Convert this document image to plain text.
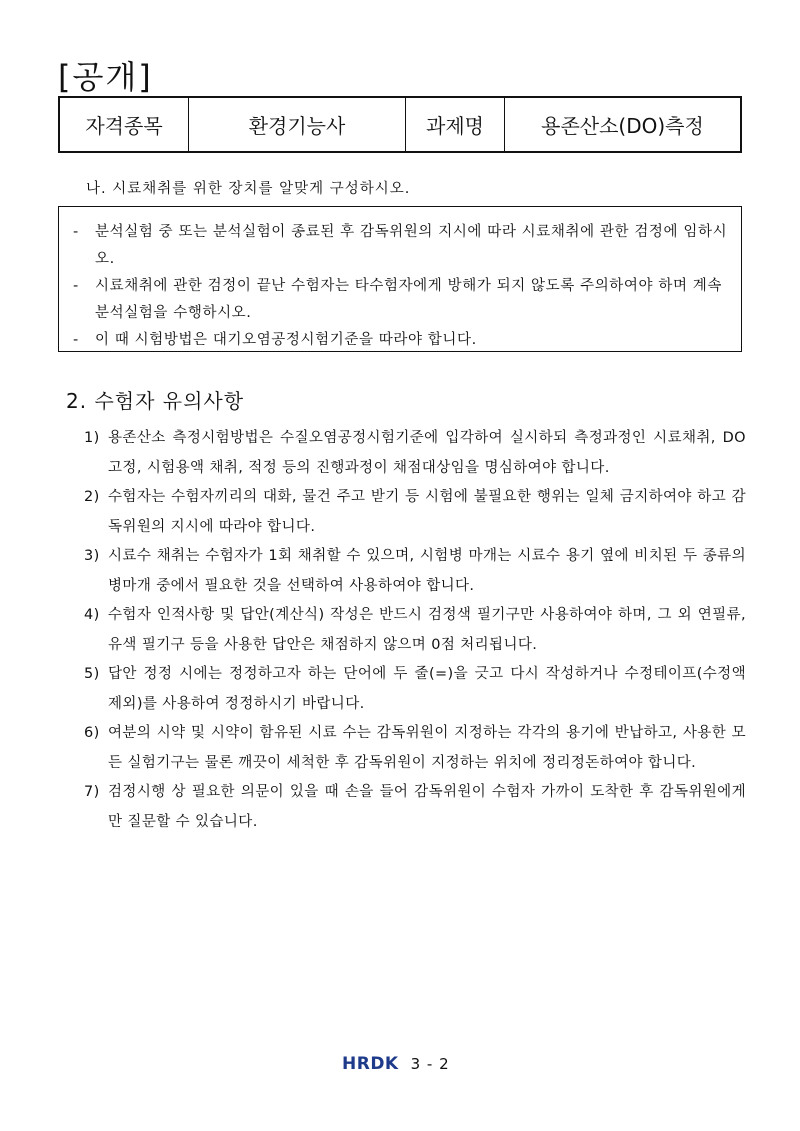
[공개]
자격종목	환경기능사	과제명	용존산소(DO)측정
나. 시료채취를 위한 장치를 알맞게 구성하시오.
-	분석실험 중 또는 분석실험이 종료된 후 감독위원의 지시에 따라 시료채취에 관한 검정에 임하시오.
-	시료채취에 관한 검정이 끝난 수험자는 타수험자에게 방해가 되지 않도록 주의하여야 하며 계속 분석실험을 수행하시오.
-	이 때 시험방법은 대기오염공정시험기준을 따라야 합니다.
2. 수험자 유의사항
1) 용존산소 측정시험방법은 수질오염공정시험기준에 입각하여 실시하되 측정과정인 시료채취, DO고정, 시험용액 채취, 적정 등의 진행과정이 채점대상임을 명심하여야 합니다.
2) 수험자는 수험자끼리의 대화, 물건 주고 받기 등 시험에 불필요한 행위는 일체 금지하여야 하고 감독위원의 지시에 따라야 합니다.
3) 시료수 채취는 수험자가 1회 채취할 수 있으며, 시험병 마개는 시료수 용기 옆에 비치된 두 종류의 병마개 중에서 필요한 것을 선택하여 사용하여야 합니다.
4) 수험자 인적사항 및 답안(계산식) 작성은 반드시 검정색 필기구만 사용하여야 하며, 그 외 연필류, 유색 필기구 등을 사용한 답안은 채점하지 않으며 0점 처리됩니다.
5) 답안 정정 시에는 정정하고자 하는 단어에 두 줄(=)을 긋고 다시 작성하거나 수정테이프(수정액 제외)를 사용하여 정정하시기 바랍니다.
6) 여분의 시약 및 시약이 함유된 시료 수는 감독위원이 지정하는 각각의 용기에 반납하고, 사용한 모든 실험기구는 물론 깨끗이 세척한 후 감독위원이 지정하는 위치에 정리정돈하여야 합니다.
7) 검정시행 상 필요한 의문이 있을 때 손을 들어 감독위원이 수험자 가까이 도착한 후 감독위원에게만 질문할 수 있습니다.
HRDK 3 - 2
